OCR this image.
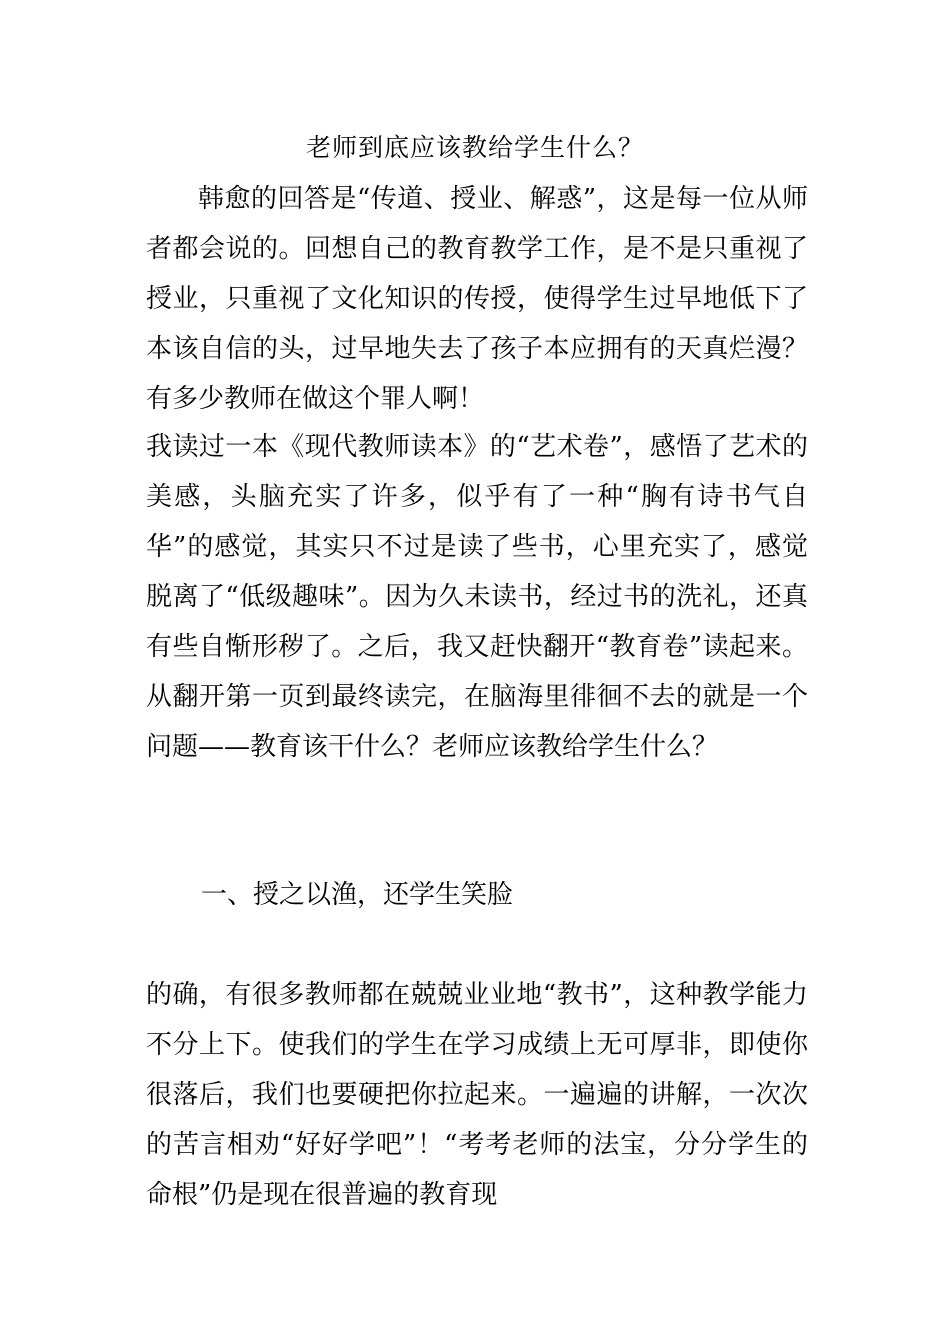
老师到底应该教给学生什么？

韩愈的回答是“传道、授业、解惑”，这是每一位从师者都会说的。回想自己的教育教学工作，是不是只重视了授业，只重视了文化知识的传授，使得学生过早地低下了本该自信的头，过早地失去了孩子本应拥有的天真烂漫？有多少教师在做这个罪人啊！

我读过一本《现代教师读本》的“艺术卷”，感悟了艺术的美感，头脑充实了许多，似乎有了一种“胸有诗书气自华”的感觉，其实只不过是读了些书，心里充实了，感觉脱离了“低级趣味”。因为久未读书，经过书的洗礼，还真有些自惭形秽了。之后，我又赶快翻开“教育卷”读起来。从翻开第一页到最终读完，在脑海里徘徊不去的就是一个问题——教育该干什么？老师应该教给学生什么？

一、授之以渔，还学生笑脸

的确，有很多教师都在兢兢业业地“教书”，这种教学能力不分上下。使我们的学生在学习成绩上无可厚非，即使你很落后，我们也要硬把你拉起来。一遍遍的讲解，一次次的苦言相劝“好好学吧”！“考考老师的法宝，分分学生的命根”仍是现在很普遍的教育现
